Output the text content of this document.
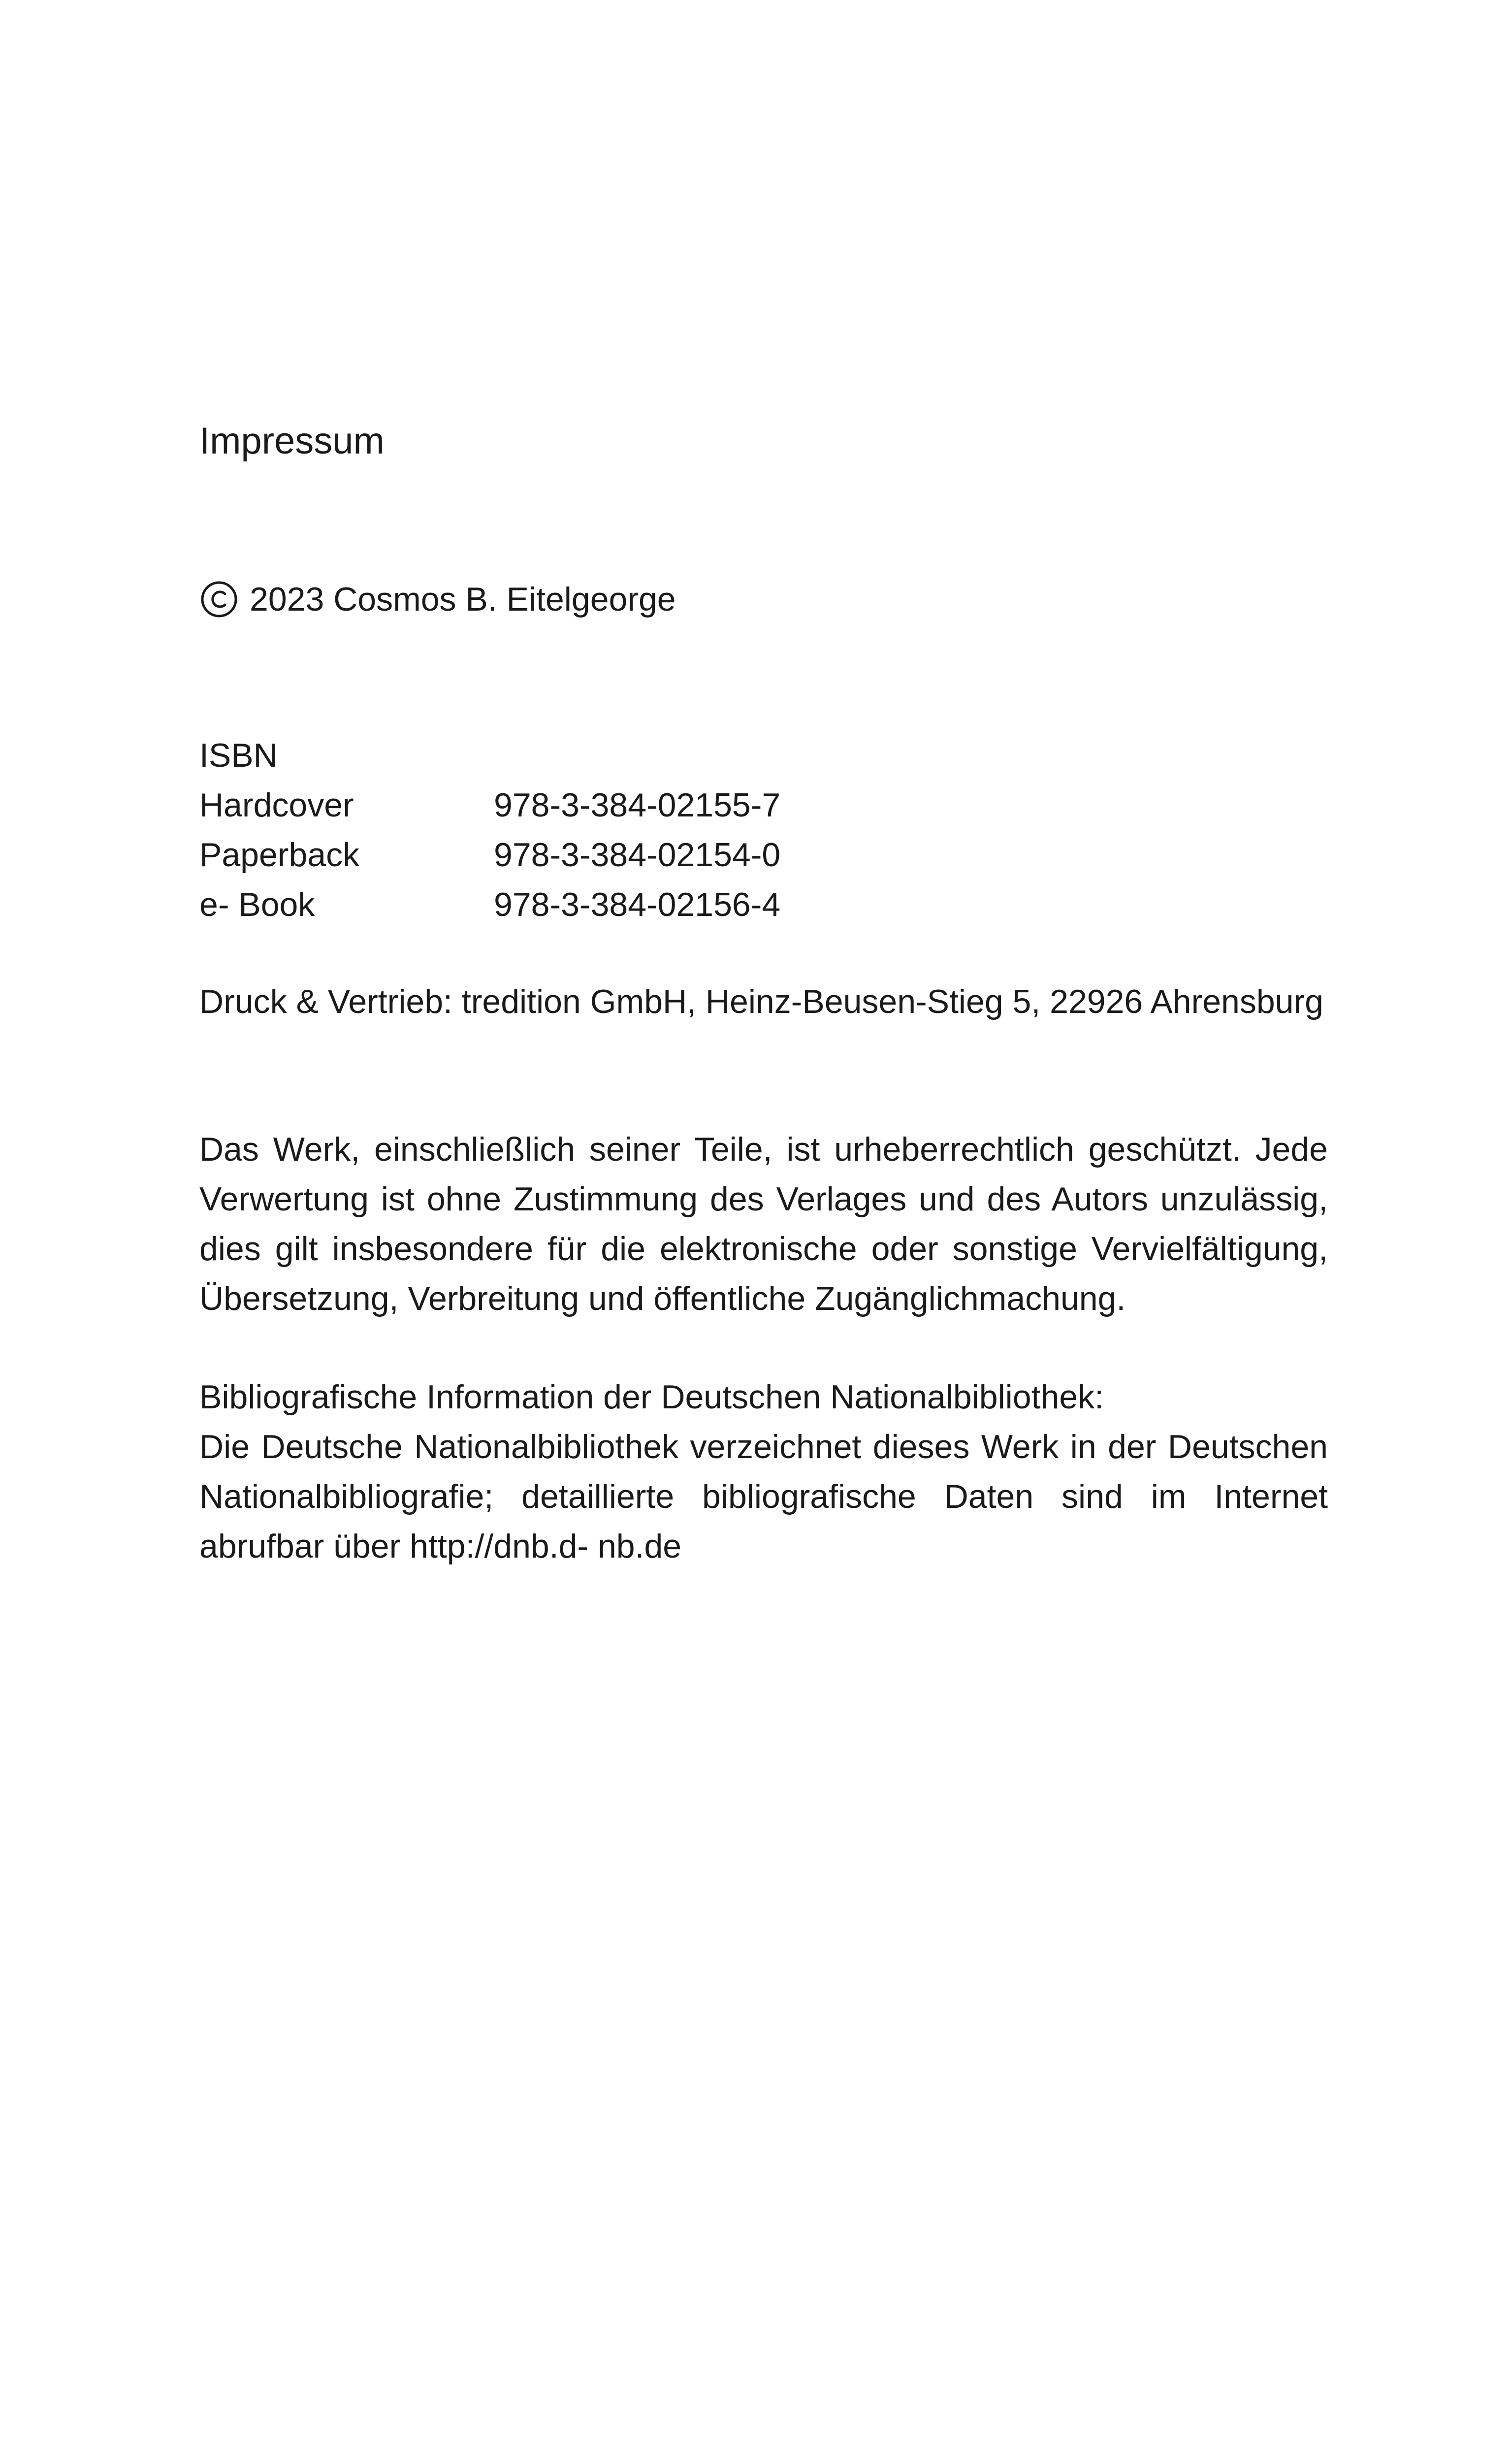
Impressum
2023 Cosmos B. Eitelgeorge
ISBN
Hardcover	978-3-384-02155-7
Paperback	978-3-384-02154-0
e- Book	978-3-384-02156-4
Druck & Vertrieb: tredition GmbH, Heinz-Beusen-Stieg 5, 22926 Ahrensburg

Das Werk, einschließlich seiner Teile, ist urheberrechtlich geschützt. Jede Verwertung ist ohne Zustimmung des Verlages und des Autors unzulässig, dies gilt insbesondere für die elektronische oder sonstige Vervielfältigung, Übersetzung, Verbreitung und öffentliche Zugänglichmachung.

Bibliografische Information der Deutschen Nationalbibliothek:
Die Deutsche Nationalbibliothek verzeichnet dieses Werk in der Deutschen Nationalbibliografie; detaillierte bibliografische Daten sind im Internet abrufbar über http://dnb.d- nb.de
